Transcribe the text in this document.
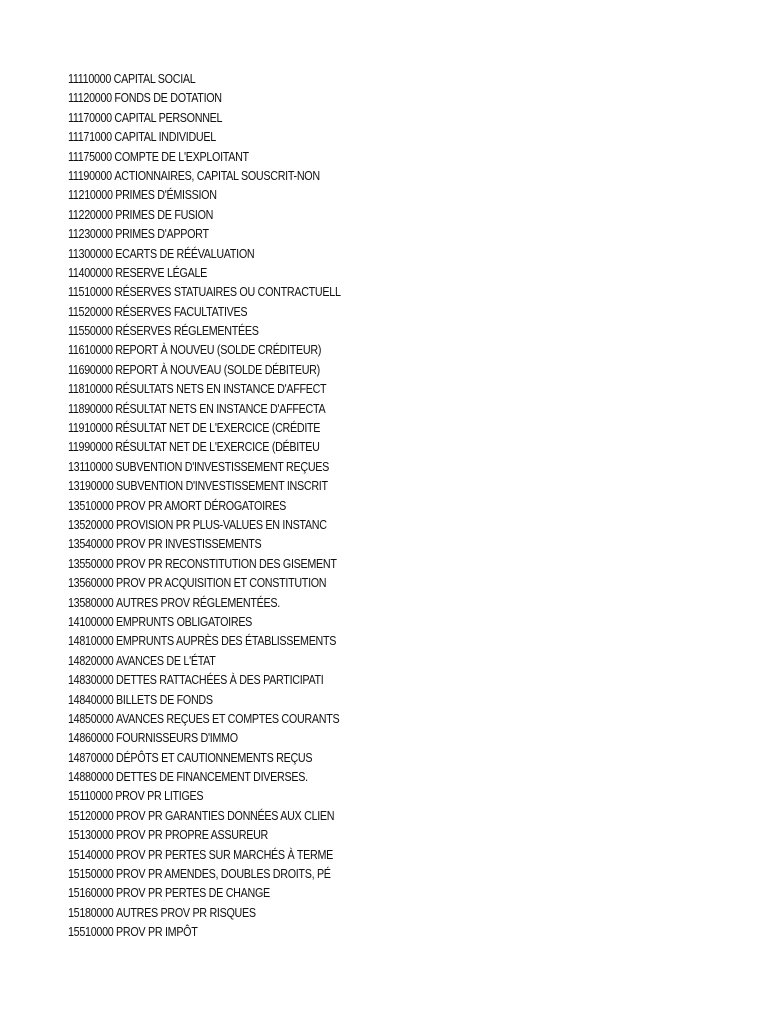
11110000 CAPITAL SOCIAL
11120000 FONDS DE DOTATION
11170000 CAPITAL PERSONNEL
11171000 CAPITAL INDIVIDUEL
11175000 COMPTE DE L'EXPLOITANT
11190000 ACTIONNAIRES, CAPITAL SOUSCRIT-NON
11210000 PRIMES D'ÉMISSION
11220000 PRIMES DE FUSION
11230000 PRIMES D'APPORT
11300000 ECARTS DE RÉÉVALUATION
11400000 RESERVE LÉGALE
11510000 RÉSERVES STATUAIRES OU CONTRACTUELL
11520000 RÉSERVES FACULTATIVES
11550000 RÉSERVES RÉGLEMENTÉES
11610000 REPORT À NOUVEU (SOLDE CRÉDITEUR)
11690000 REPORT À NOUVEAU (SOLDE DÉBITEUR)
11810000 RÉSULTATS NETS EN INSTANCE D'AFFECT
11890000 RÉSULTAT NETS EN INSTANCE D'AFFECTA
11910000 RÉSULTAT NET DE L'EXERCICE (CRÉDITE
11990000 RÉSULTAT NET DE L'EXERCICE (DÉBITEU
13110000 SUBVENTION D'INVESTISSEMENT REÇUES
13190000 SUBVENTION D'INVESTISSEMENT INSCRIT
13510000 PROV PR AMORT DÉROGATOIRES
13520000 PROVISION PR PLUS-VALUES EN INSTANC
13540000 PROV PR INVESTISSEMENTS
13550000 PROV PR RECONSTITUTION DES GISEMENT
13560000 PROV PR ACQUISITION ET CONSTITUTION
13580000 AUTRES PROV RÉGLEMENTÉES.
14100000 EMPRUNTS OBLIGATOIRES
14810000 EMPRUNTS AUPRÈS DES ÉTABLISSEMENTS
14820000 AVANCES DE L'ÉTAT
14830000 DETTES RATTACHÉES À DES PARTICIPATI
14840000 BILLETS DE FONDS
14850000 AVANCES REÇUES ET COMPTES COURANTS
14860000 FOURNISSEURS D'IMMO
14870000 DÉPÔTS ET CAUTIONNEMENTS REÇUS
14880000 DETTES DE FINANCEMENT DIVERSES.
15110000 PROV PR LITIGES
15120000 PROV PR GARANTIES DONNÉES AUX CLIEN
15130000 PROV PR PROPRE ASSUREUR
15140000 PROV PR PERTES SUR MARCHÉS À TERME
15150000 PROV PR AMENDES, DOUBLES DROITS, PÉ
15160000 PROV PR PERTES DE CHANGE
15180000 AUTRES PROV PR RISQUES
15510000 PROV PR IMPÔT
